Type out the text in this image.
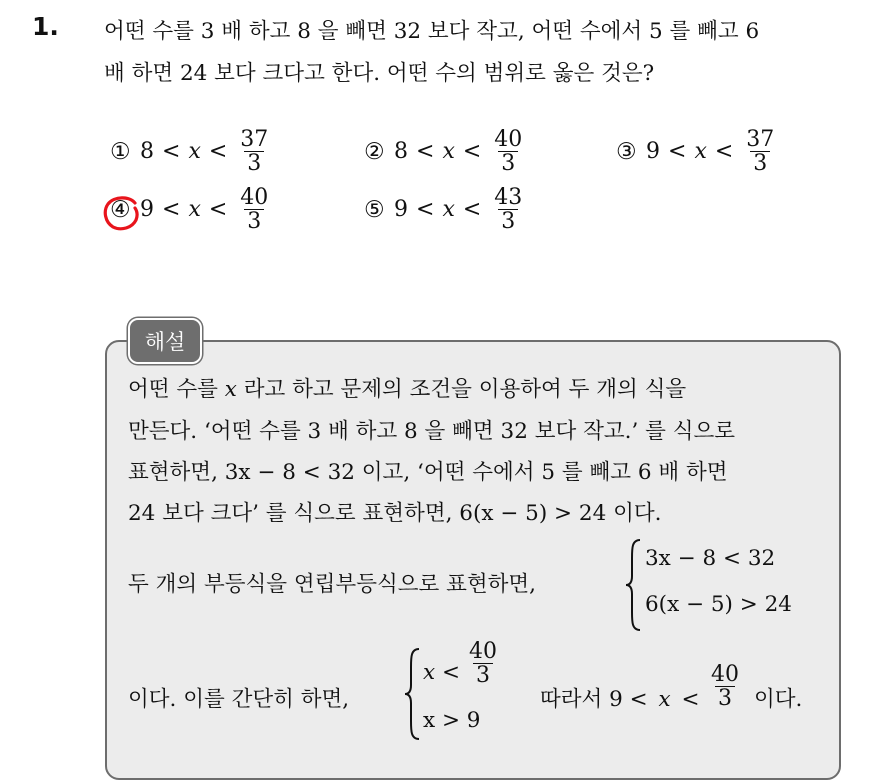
1. 어떤 수를 3 배 하고 8 을 빼면 32 보다 작고, 어떤 수에서 5 를 빼고 6
배 하면 24 보다 크다고 한다. 어떤 수의 범위로 옳은 것은?
① $8 < x < \frac{37}{3}$	② $8 < x < \frac{40}{3}$	③ $9 < x < \frac{37}{3}$
④ $9 < x < \frac{40}{3}$	⑤ $9 < x < \frac{43}{3}$
해설
어떤 수를 x 라고 하고 문제의 조건을 이용하여 두 개의 식을
만든다. ‘어떤 수를 3 배 하고 8 을 빼면 32 보다 작고.’ 를 식으로
표현하면, 3x − 8 < 32 이고, ‘어떤 수에서 5 를 빼고 6 배 하면
24 보다 크다’ 를 식으로 표현하면, 6(x − 5) > 24 이다.
두 개의 부등식을 연립부등식으로 표현하면,
3x − 8 < 32
6(x − 5) > 24
이다. 이를 간단히 하면,
$x < \frac{40}{3}$
x > 9
따라서 $9 < x < \frac{40}{3}$ 이다.
